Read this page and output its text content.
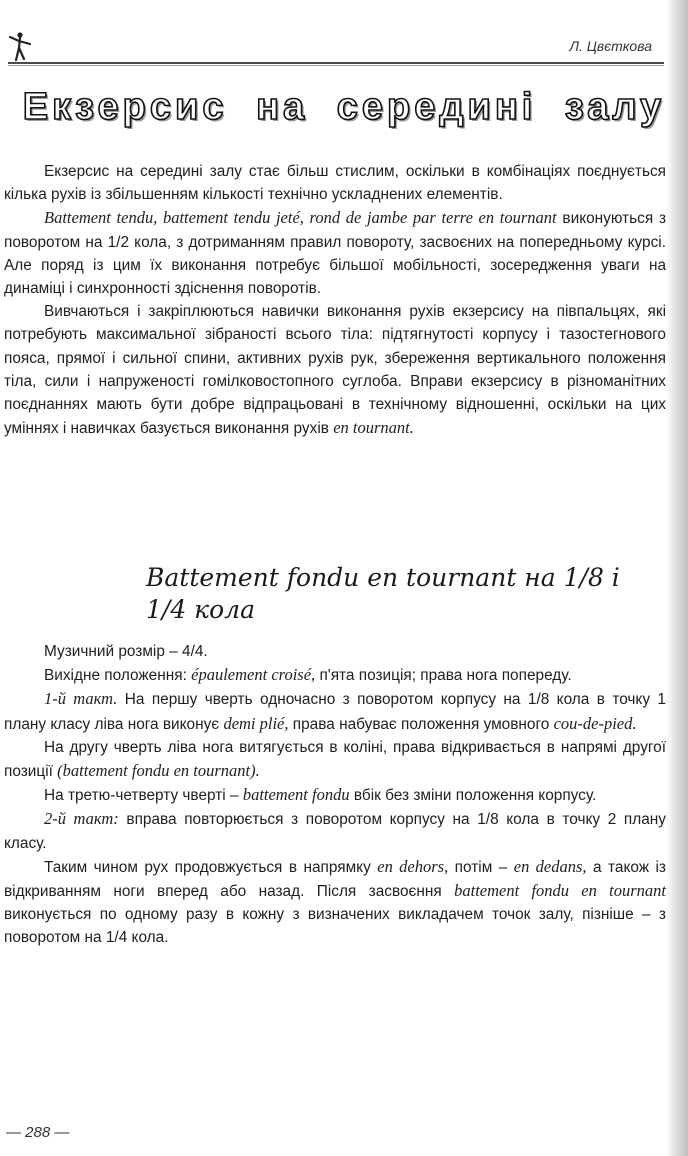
Л. Цвєткова
Екзерсис на середині залу

Екзерсис на середині залу стає більш стислим, оскільки в комбінаціях поєднується кілька рухів із збільшенням кількості технічно ускладнених елементів.

Battement tendu, battement tendu jeté, rond de jambe par terre en tournant виконуються з поворотом на 1/2 кола, з дотриманням правил повороту, засвоєних на попередньому курсі. Але поряд із цим їх виконання потребує більшої мобільності, зосередження уваги на динаміці і синхронності здіснення поворотів.

Вивчаються і закріплюються навички виконання рухів екзерсису на півпальцях, які потребують максимальної зібраності всього тіла: підтягнутості корпусу і тазостегнового пояса, прямої і сильної спини, активних рухів рук, збереження вертикального положення тіла, сили і напруженості гомілковостопного суглоба. Вправи екзерсису в різноманітних поєднаннях мають бути добре відпрацьовані в технічному відношенні, оскільки на цих уміннях і навичках базується виконання рухів en tournant.

Battement fondu en tournant на 1/8 і 1/4 кола

Музичний розмір – 4/4.

Вихідне положення: épaulement croisé, п'ята позиція; права нога попереду.

1-й такт. На першу чверть одночасно з поворотом корпусу на 1/8 кола в точку 1 плану класу ліва нога виконує demi plié, права набуває положення умовного cou-de-pied.

На другу чверть ліва нога витягується в коліні, права відкривається в напрямі другої позиції (battement fondu en tournant).

На третю-четверту чверті – battement fondu вбік без зміни положення корпусу.

2-й такт: вправа повторюється з поворотом корпусу на 1/8 кола в точку 2 плану класу.

Таким чином рух продовжується в напрямку en dehors, потім – en dedans, а також із відкриванням ноги вперед або назад. Після засвоєння battement fondu en tournant виконується по одному разу в кожну з визначених викладачем точок залу, пізніше – з поворотом на 1/4 кола.

— 288 —
